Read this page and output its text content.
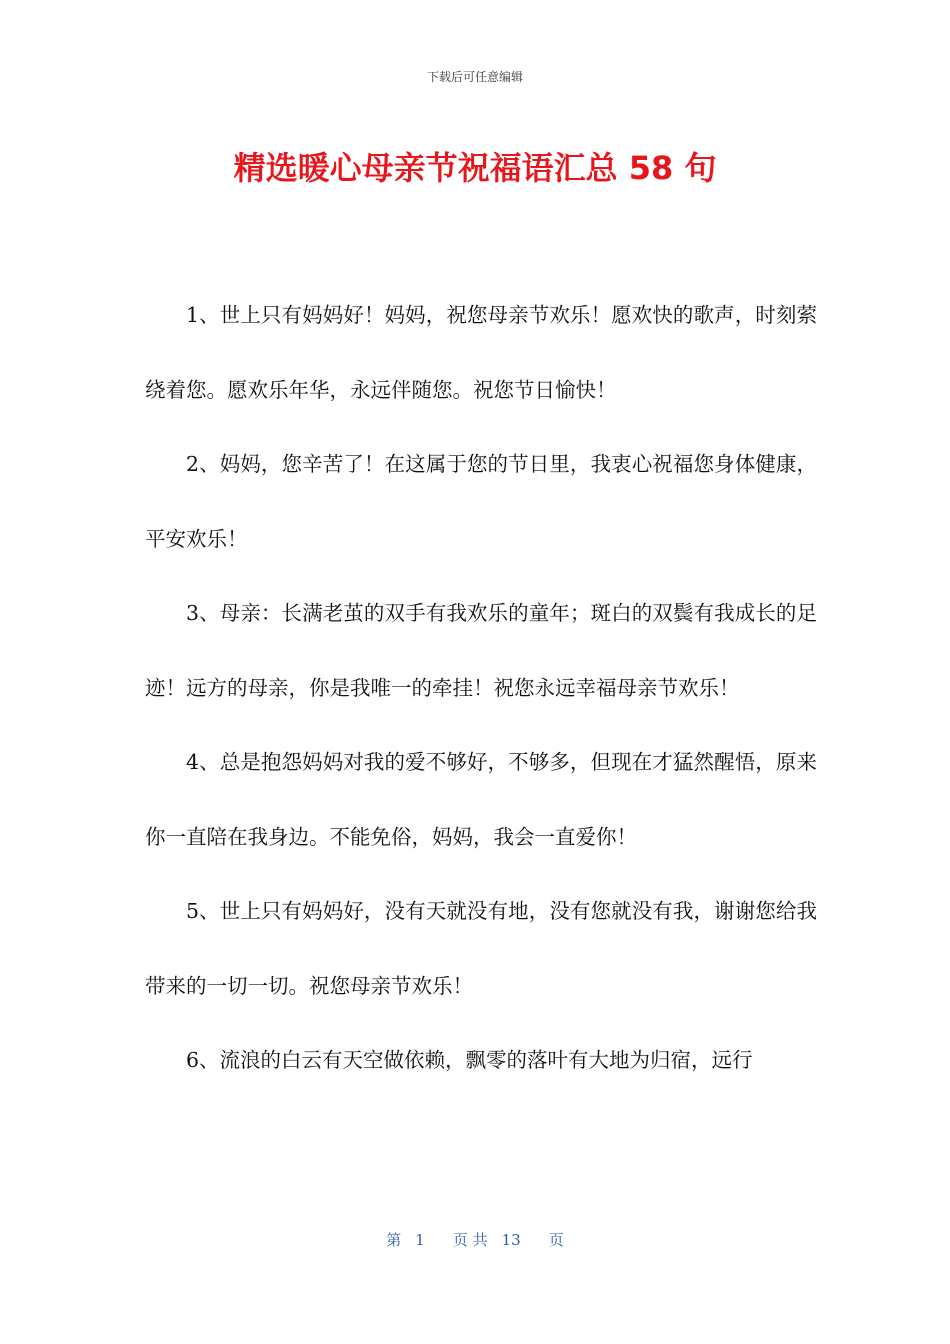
下载后可任意编辑
精选暖心母亲节祝福语汇总 58 句

1、世上只有妈妈好！妈妈，祝您母亲节欢乐！愿欢快的歌声，时刻萦绕着您。愿欢乐年华，永远伴随您。祝您节日愉快！

2、妈妈，您辛苦了！在这属于您的节日里，我衷心祝福您身体健康，平安欢乐！

3、母亲：长满老茧的双手有我欢乐的童年；斑白的双鬓有我成长的足迹！远方的母亲，你是我唯一的牵挂！祝您永远幸福母亲节欢乐！

4、总是抱怨妈妈对我的爱不够好，不够多，但现在才猛然醒悟，原来你一直陪在我身边。不能免俗，妈妈，我会一直爱你！

5、世上只有妈妈好，没有天就没有地，没有您就没有我，谢谢您给我带来的一切一切。祝您母亲节欢乐！

6、流浪的白云有天空做依赖，飘零的落叶有大地为归宿，远行

第 1 页 共 13 页
